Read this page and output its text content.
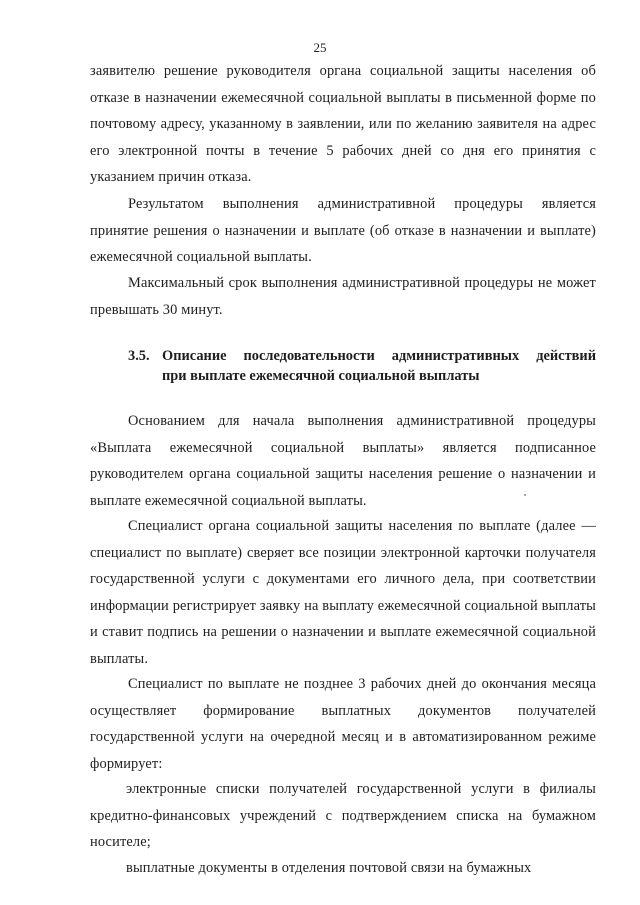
25

заявителю решение руководителя органа социальной защиты населения об отказе в назначении ежемесячной социальной выплаты в письменной форме по почтовому адресу, указанному в заявлении, или по желанию заявителя на адрес его электронной почты в течение 5 рабочих дней со дня его принятия с указанием причин отказа.

Результатом выполнения административной процедуры является принятие решения о назначении и выплате (об отказе в назначении и выплате) ежемесячной социальной выплаты.

Максимальный срок выполнения административной процедуры не может превышать 30 минут.

3.5. Описание последовательности административных действий
при выплате ежемесячной социальной выплаты

Основанием для начала выполнения административной процедуры «Выплата ежемесячной социальной выплаты» является подписанное руководителем органа социальной защиты населения решение о назначении и выплате ежемесячной социальной выплаты.

Специалист органа социальной защиты населения по выплате (далее — специалист по выплате) сверяет все позиции электронной карточки получателя государственной услуги с документами его личного дела, при соответствии информации регистрирует заявку на выплату ежемесячной социальной выплаты и ставит подпись на решении о назначении и выплате ежемесячной социальной выплаты.

Специалист по выплате не позднее 3 рабочих дней до окончания месяца осуществляет формирование выплатных документов получателей государственной услуги на очередной месяц и в автоматизированном режиме формирует:

электронные списки получателей государственной услуги в филиалы кредитно-финансовых учреждений с подтверждением списка на бумажном носителе;

выплатные документы в отделения почтовой связи на бумажных
